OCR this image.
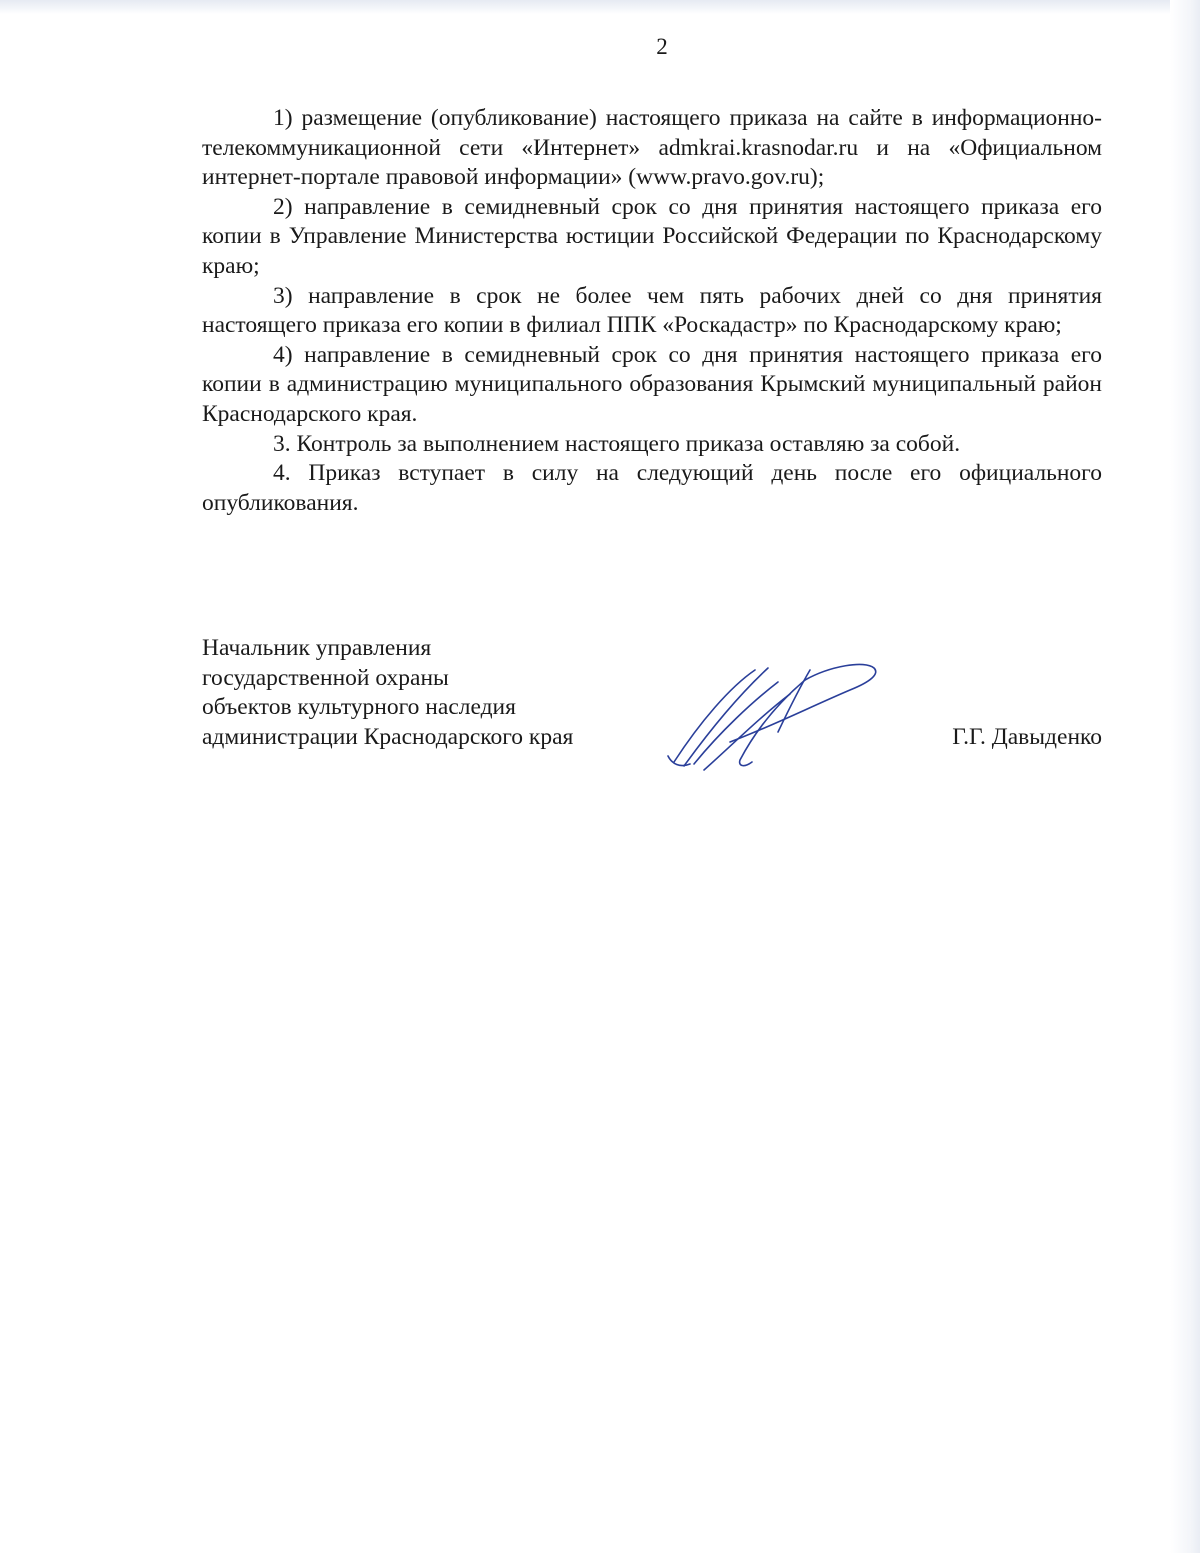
2

1) размещение (опубликование) настоящего приказа на сайте в информационно-телекоммуникационной сети «Интернет» admkrai.krasnodar.ru и на «Официальном интернет-портале правовой информации» (www.pravo.gov.ru);

2) направление в семидневный срок со дня принятия настоящего приказа его копии в Управление Министерства юстиции Российской Федерации по Краснодарскому краю;

3) направление в срок не более чем пять рабочих дней со дня принятия настоящего приказа его копии в филиал ППК «Роскадастр» по Краснодарскому краю;

4) направление в семидневный срок со дня принятия настоящего приказа его копии в администрацию муниципального образования Крымский муниципальный район Краснодарского края.

3. Контроль за выполнением настоящего приказа оставляю за собой.

4. Приказ вступает в силу на следующий день после его официального опубликования.

Начальник управления
государственной охраны
объектов культурного наследия
администрации Краснодарского края	Г.Г. Давыденко
